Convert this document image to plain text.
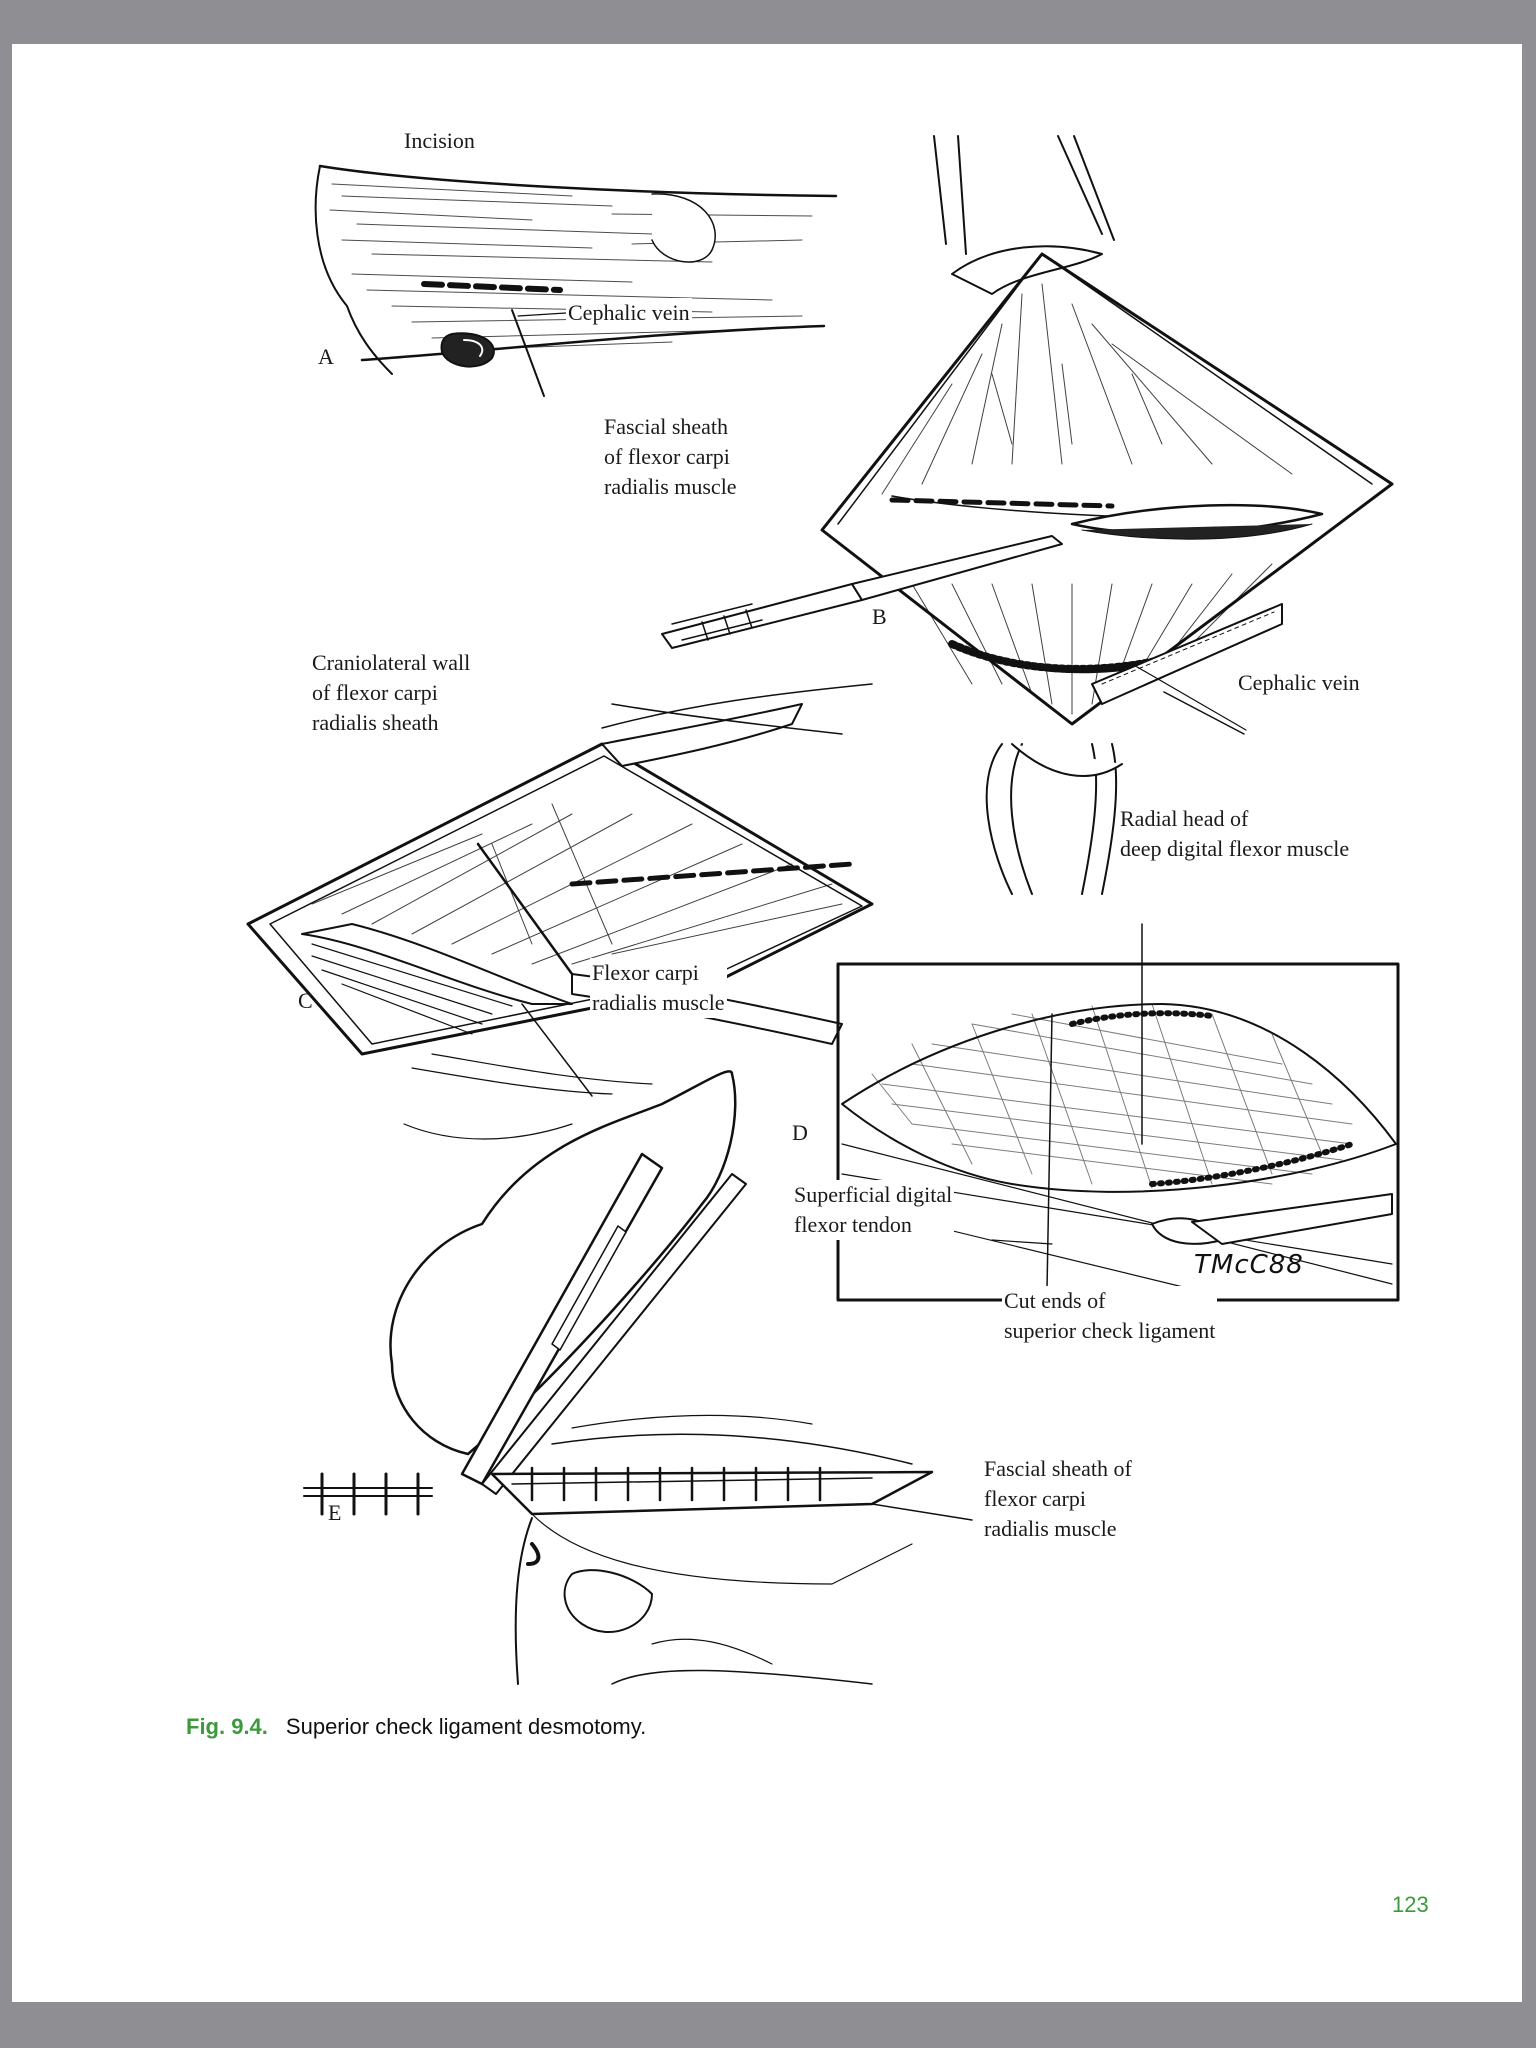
A
B
C
D
E

Incision

Cephalic vein

Fascial sheath
of flexor carpi
radialis muscle

Cephalic vein

Craniolateral wall
of flexor carpi
radialis sheath

Radial head of
deep digital flexor muscle

Flexor carpi
radialis muscle

Superficial digital
flexor tendon

Cut ends of
superior check ligament

Fascial sheath of
flexor carpi
radialis muscle

TMcC88

Fig. 9.4. Superior check ligament desmotomy.

123
